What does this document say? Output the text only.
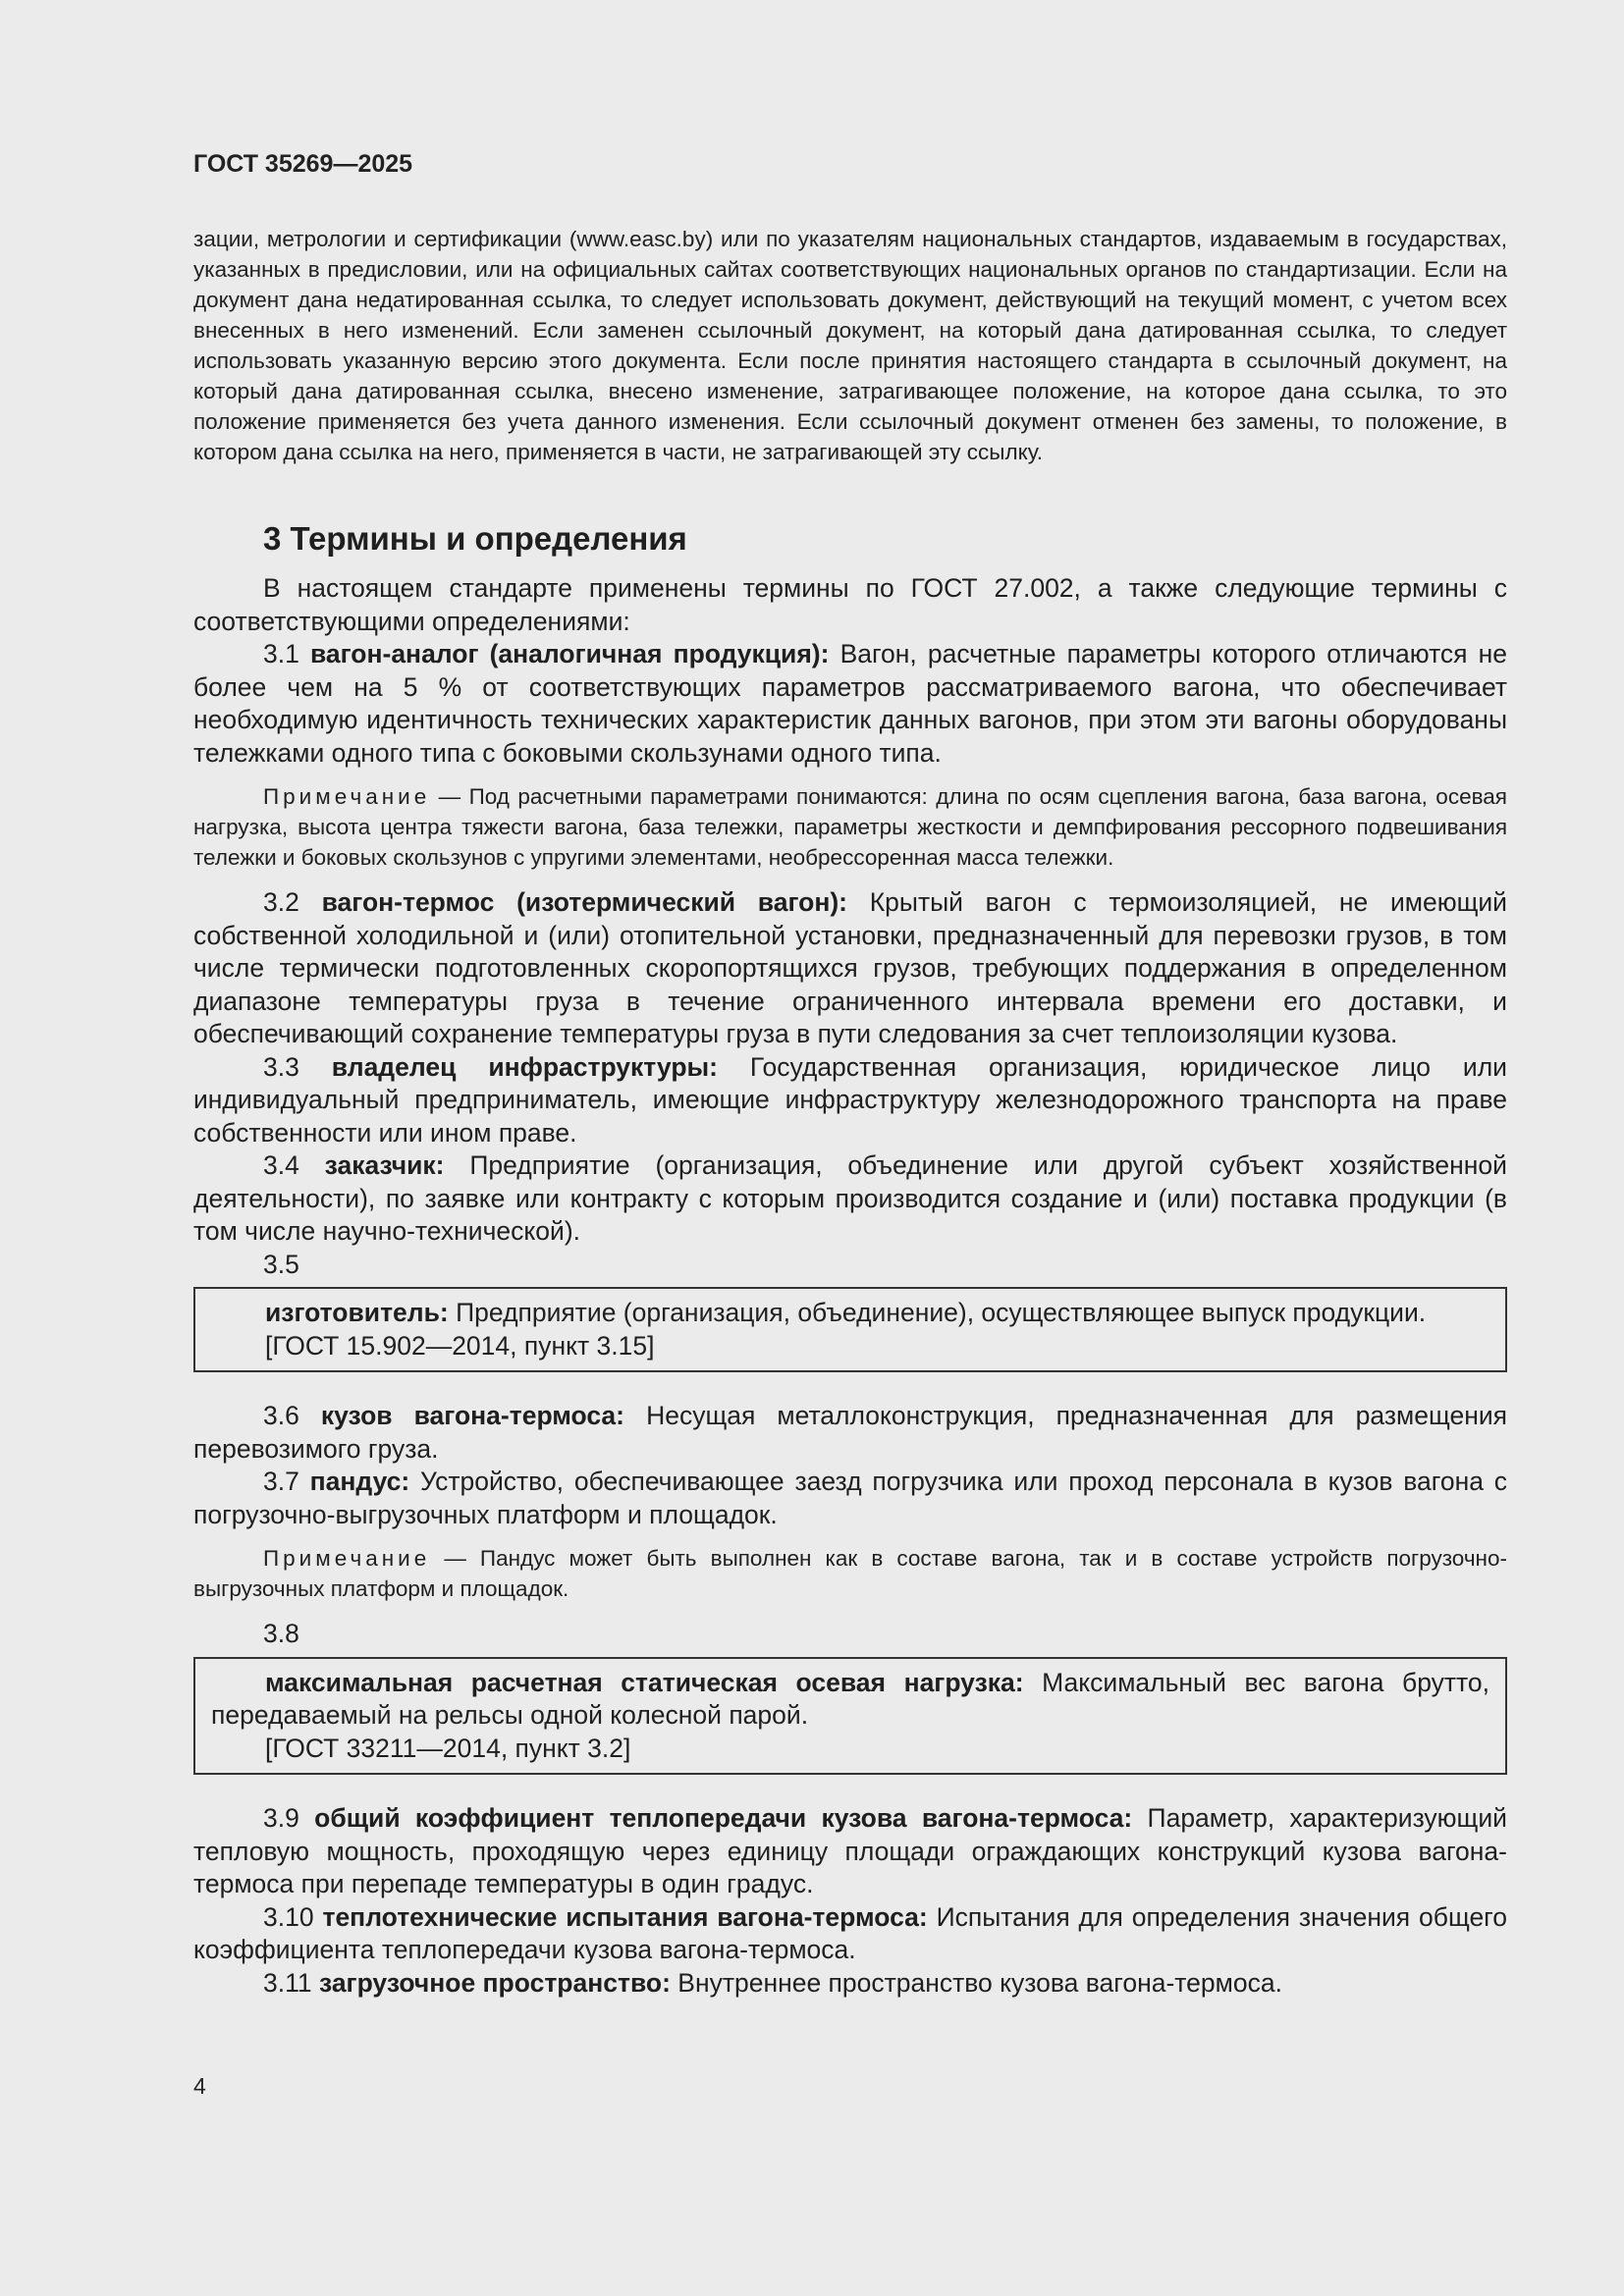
ГОСТ 35269—2025

зации, метрологии и сертификации (www.easc.by) или по указателям национальных стандартов, издаваемым в государствах, указанных в предисловии, или на официальных сайтах соответствующих национальных органов по стандартизации. Если на документ дана недатированная ссылка, то следует использовать документ, действующий на текущий момент, с учетом всех внесенных в него изменений. Если заменен ссылочный документ, на который дана датированная ссылка, то следует использовать указанную версию этого документа. Если после принятия настоящего стандарта в ссылочный документ, на который дана датированная ссылка, внесено изменение, затрагивающее положение, на которое дана ссылка, то это положение применяется без учета данного изменения. Если ссылочный документ отменен без замены, то положение, в котором дана ссылка на него, применяется в части, не затрагивающей эту ссылку.

3 Термины и определения

В настоящем стандарте применены термины по ГОСТ 27.002, а также следующие термины с соответствующими определениями:

3.1 вагон-аналог (аналогичная продукция): Вагон, расчетные параметры которого отличаются не более чем на 5 % от соответствующих параметров рассматриваемого вагона, что обеспечивает необходимую идентичность технических характеристик данных вагонов, при этом эти вагоны оборудованы тележками одного типа с боковыми скользунами одного типа.

Примечание — Под расчетными параметрами понимаются: длина по осям сцепления вагона, база вагона, осевая нагрузка, высота центра тяжести вагона, база тележки, параметры жесткости и демпфирования рессорного подвешивания тележки и боковых скользунов с упругими элементами, необрессоренная масса тележки.

3.2 вагон-термос (изотермический вагон): Крытый вагон с термоизоляцией, не имеющий собственной холодильной и (или) отопительной установки, предназначенный для перевозки грузов, в том числе термически подготовленных скоропортящихся грузов, требующих поддержания в определенном диапазоне температуры груза в течение ограниченного интервала времени его доставки, и обеспечивающий сохранение температуры груза в пути следования за счет теплоизоляции кузова.

3.3 владелец инфраструктуры: Государственная организация, юридическое лицо или индивидуальный предприниматель, имеющие инфраструктуру железнодорожного транспорта на праве собственности или ином праве.

3.4 заказчик: Предприятие (организация, объединение или другой субъект хозяйственной деятельности), по заявке или контракту с которым производится создание и (или) поставка продукции (в том числе научно-технической).

3.5

изготовитель: Предприятие (организация, объединение), осуществляющее выпуск продукции.

[ГОСТ 15.902—2014, пункт 3.15]

3.6 кузов вагона-термоса: Несущая металлоконструкция, предназначенная для размещения перевозимого груза.

3.7 пандус: Устройство, обеспечивающее заезд погрузчика или проход персонала в кузов вагона с погрузочно-выгрузочных платформ и площадок.

Примечание — Пандус может быть выполнен как в составе вагона, так и в составе устройств погрузочно-выгрузочных платформ и площадок.

3.8

максимальная расчетная статическая осевая нагрузка: Максимальный вес вагона брутто, передаваемый на рельсы одной колесной парой.

[ГОСТ 33211—2014, пункт 3.2]

3.9 общий коэффициент теплопередачи кузова вагона-термоса: Параметр, характеризующий тепловую мощность, проходящую через единицу площади ограждающих конструкций кузова вагона-термоса при перепаде температуры в один градус.

3.10 теплотехнические испытания вагона-термоса: Испытания для определения значения общего коэффициента теплопередачи кузова вагона-термоса.

3.11 загрузочное пространство: Внутреннее пространство кузова вагона-термоса.

4
